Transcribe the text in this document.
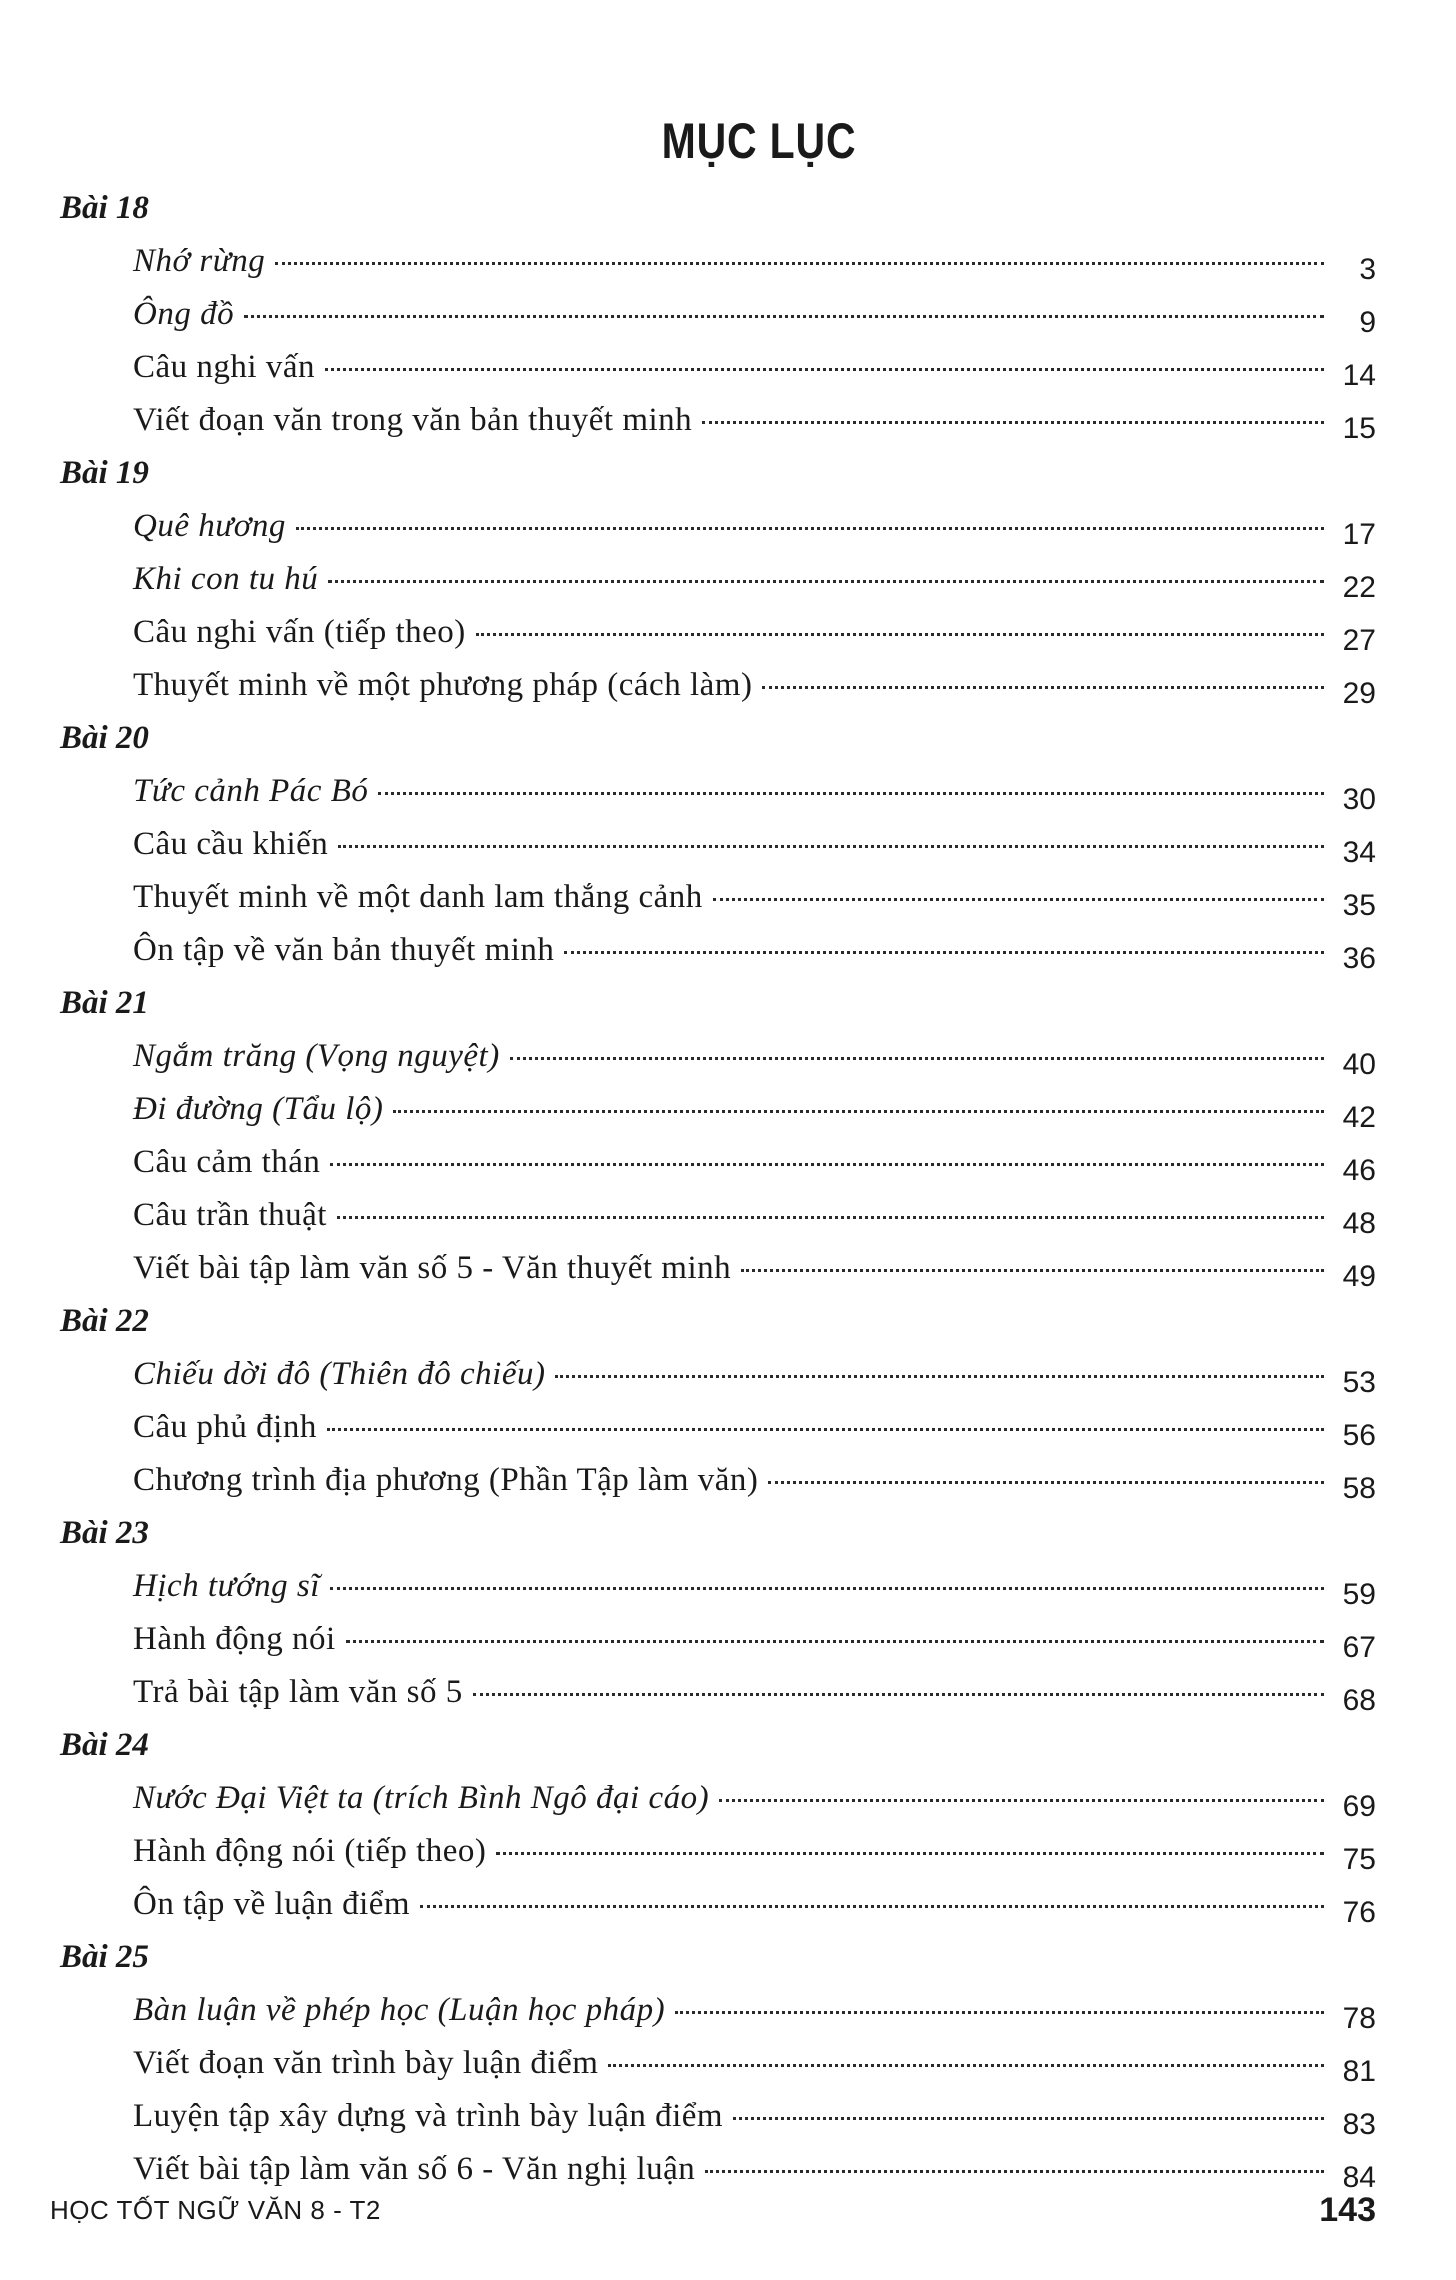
MỤC LỤC
Bài 18
Nhớ rừng	3
Ông đồ	9
Câu nghi vấn	14
Viết đoạn văn trong văn bản thuyết minh	15
Bài 19
Quê hương	17
Khi con tu hú	22
Câu nghi vấn (tiếp theo)	27
Thuyết minh về một phương pháp (cách làm)	29
Bài 20
Tức cảnh Pác Bó	30
Câu cầu khiến	34
Thuyết minh về một danh lam thắng cảnh	35
Ôn tập về văn bản thuyết minh	36
Bài 21
Ngắm trăng (Vọng nguyệt)	40
Đi đường (Tẩu lộ)	42
Câu cảm thán	46
Câu trần thuật	48
Viết bài tập làm văn số 5 - Văn thuyết minh	49
Bài 22
Chiếu dời đô (Thiên đô chiếu)	53
Câu phủ định	56
Chương trình địa phương (Phần Tập làm văn)	58
Bài 23
Hịch tướng sĩ	59
Hành động nói	67
Trả bài tập làm văn số 5	68
Bài 24
Nước Đại Việt ta (trích Bình Ngô đại cáo)	69
Hành động nói (tiếp theo)	75
Ôn tập về luận điểm	76
Bài 25
Bàn luận về phép học (Luận học pháp)	78
Viết đoạn văn trình bày luận điểm	81
Luyện tập xây dựng và trình bày luận điểm	83
Viết bài tập làm văn số 6 - Văn nghị luận	84
HỌC TỐT NGỮ VĂN 8 - T2	143
